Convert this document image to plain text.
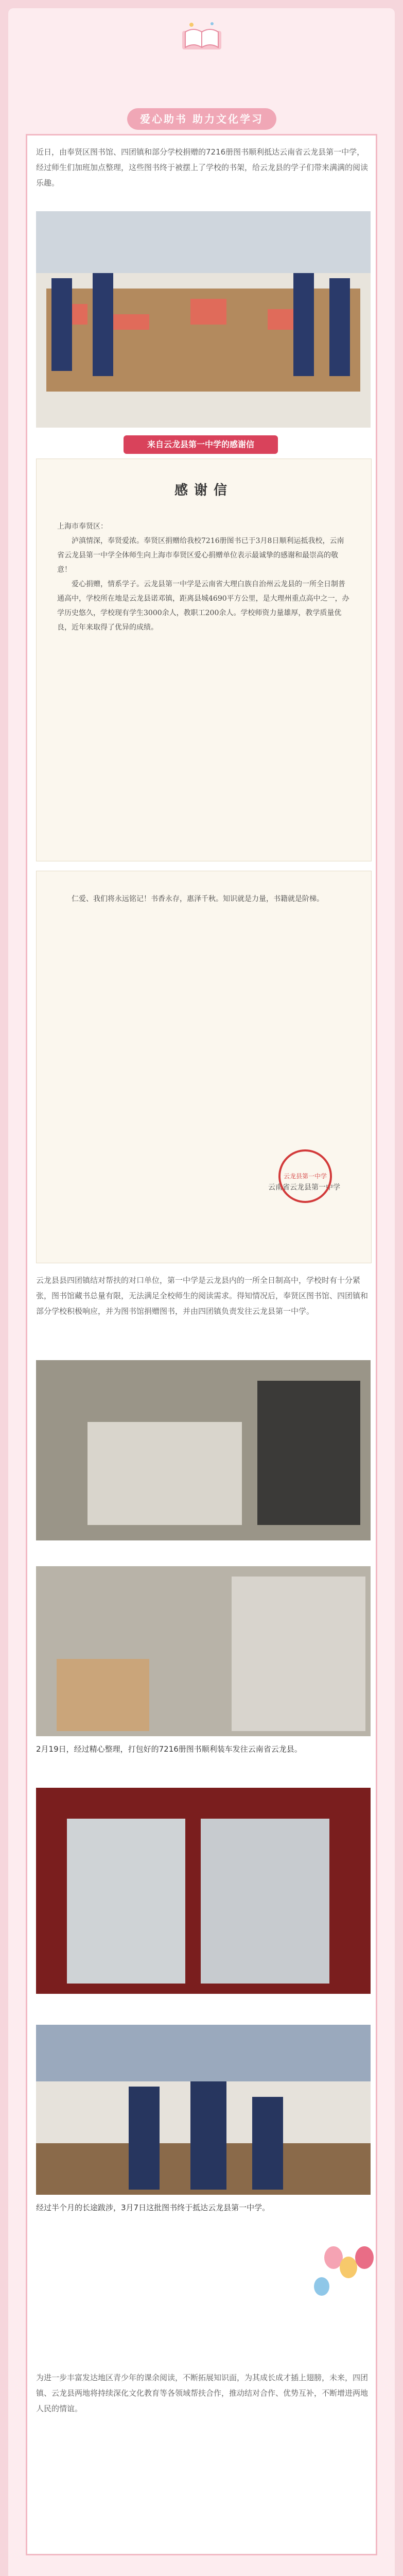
爱心助书 助力文化学习
近日，由奉贤区图书馆、四团镇和部分学校捐赠的7216册图书顺利抵达云南省云龙县第一中学，经过师生们加班加点整理，这些图书终于被摆上了学校的书架，给云龙县的学子们带来满满的阅读乐趣。
来自云龙县第一中学的感谢信
感谢信
上海市奉贤区：
泸滇情深，奉贤爱浓。奉贤区捐赠给我校7216册图书已于3月8日顺利运抵我校，云南省云龙县第一中学全体师生向上海市奉贤区爱心捐赠单位表示最诚挚的感谢和最崇高的敬意！
爱心捐赠，情系学子。云龙县第一中学是云南省大理白族自治州云龙县的一所全日制普通高中，学校所在地是云龙县诺邓镇，距离县城4690平方公里，是大理州重点高中之一，办学历史悠久，学校现有学生3000余人，教职工200余人。学校师资力量雄厚，教学质量优良，近年来取得了优异的成绩。
仁爱、我们将永远铭记！书香永存，惠泽千秋。知识就是力量，书籍就是阶梯。
云南省云龙县第一中学
云龙县第一中学
云龙县县四团镇结对帮扶的对口单位，第一中学是云龙县内的一所全日制高中，学校时有十分紧张，图书馆藏书总量有限，无法满足全校师生的阅读需求。得知情况后，奉贤区图书馆、四团镇和部分学校积极响应，并为图书馆捐赠图书，并由四团镇负责发往云龙县第一中学。
2月19日，经过精心整理，打包好的7216册图书顺利装车发往云南省云龙县。
经过半个月的长途跋涉，3月7日这批图书终于抵达云龙县第一中学。
为进一步丰富发达地区青少年的课余阅读，不断拓展知识面，为其成长成才插上翅膀，未来，四团镇、云龙县两地将持续深化文化教育等各领域帮扶合作，推动结对合作、优势互补，不断增进两地人民的情谊。
